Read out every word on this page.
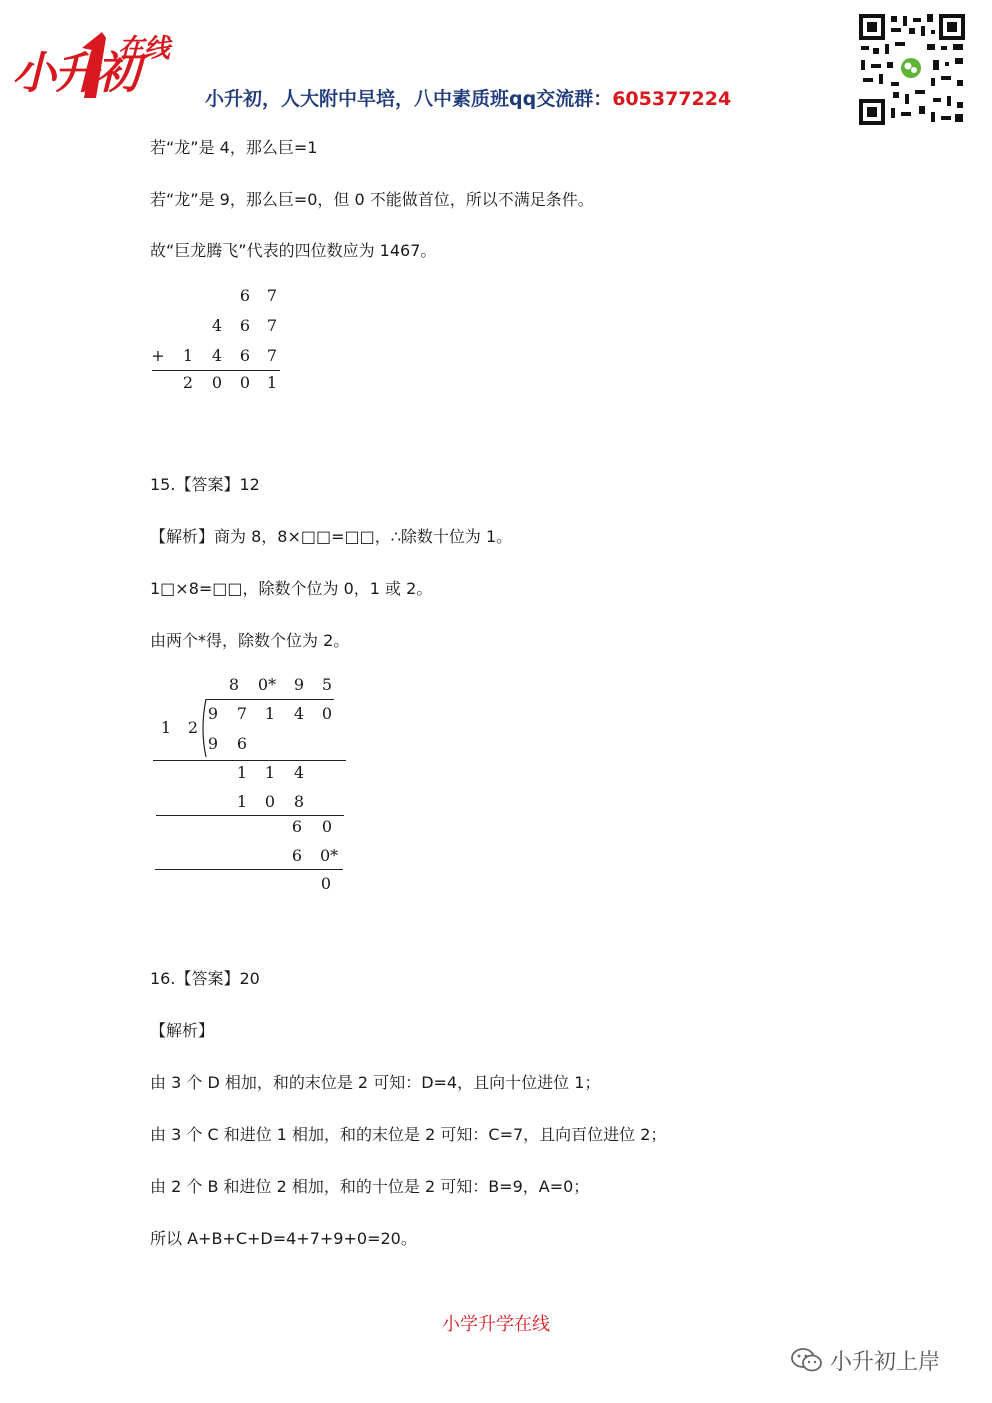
小升初
在线
小升初，人大附中早培，八中素质班qq交流群：605377224
若“龙”是 4，那么巨=1
若“龙”是 9，那么巨=0，但 0 不能做首位，所以不满足条件。
故“巨龙腾飞”代表的四位数应为 1467。
6 7
4 6 7
+ 1 4 6 7
2 0 0 1
15.【答案】12
【解析】商为 8，8×□□=□□，∴除数十位为 1。
1□×8=□□，除数个位为 0，1 或 2。
由两个*得，除数个位为 2。
8 0* 9 5
1 2
9 7 1 4 0
9 6
1 1 4
1 0 8
6 0
6 0*
0
16.【答案】20
【解析】
由 3 个 D 相加，和的末位是 2 可知：D=4，且向十位进位 1；
由 3 个 C 和进位 1 相加，和的末位是 2 可知：C=7，且向百位进位 2；
由 2 个 B 和进位 2 相加，和的十位是 2 可知：B=9，A=0；
所以 A+B+C+D=4+7+9+0=20。
小学升学在线
小升初上岸
